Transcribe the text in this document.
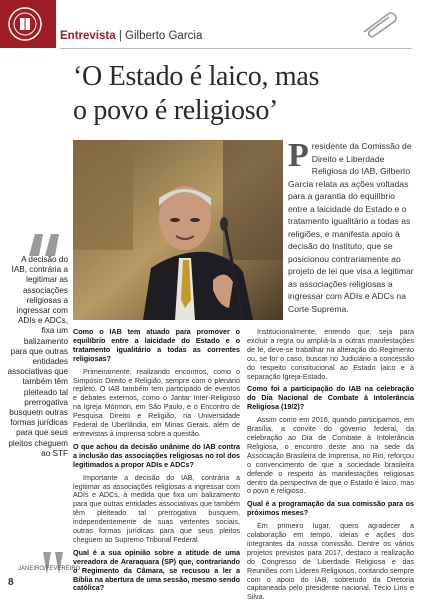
Entrevista | Gilberto Garcia
‘O Estado é laico, mas
o povo é religioso’
Presidente da Comissão de Direito e Liberdade Religiosa do IAB, Gilberto Garcia relata as ações voltadas para a garantia do equilíbrio entre a laicidade do Estado e o tratamento igualitário a todas as religiões, e manifesta apoio à decisão do Instituto, que se posicionou contrariamente ao projeto de lei que visa a legitimar as associações religiosas a ingressar com ADIs e ADCs na Corte Suprema.
A decisão do IAB, contrária a legitimar as associações religiosas a ingressar com ADIs e ADCs, fixa um balizamento para que outras entidades associativas que também têm pleiteado tal prerrogativa busquem outras formas jurídicas para que seus pleitos cheguem ao STF

Como o IAB tem atuado para promover o equilíbrio entre a laicidade do Estado e o tratamento igualitário a todas as correntes religiosas?

Primeiramente, realizando encontros, como o Simpósio Direito e Religião, sempre com o plenário repleto. O IAB também tem participado de eventos e debates externos, como o Jantar Inter-Religioso na Igreja Mórmon, em São Paulo, e o Encontro de Pesquisa Direito e Religião, na Universidade Federal de Uberlândia, em Minas Gerais, além de entrevistas à imprensa sobre a questão.

O que achou da decisão unânime do IAB contra a inclusão das associações religiosas no rol dos legitimados a propor ADIs e ADCs?

Importante a decisão do IAB, contrária a legitimar as associações religiosas a ingressar com ADIs e ADCs, à medida que fixa um balizamento para que outras entidades associativas que também têm pleiteado tal prerrogativa busquem, independentemente de suas vertentes sociais, outras formas jurídicas para que seus pleitos cheguem ao Supremo Tribunal Federal.

Qual é a sua opinião sobre a atitude de uma vereadora de Araraquara (SP) que, contrariando o Regimento da Câmara, se recusou a ler a Bíblia na abertura de uma sessão, mesmo sendo católica?

Institucionalmente, entendo que, seja para excluir a regra ou ampliá-la a outras manifestações de fé, deve-se trabalhar na alteração do Regimento ou, se for o caso, buscar no Judiciário a concessão do respeito constitucional ao Estado laico e à separação Igreja-Estado.

Como foi a participação do IAB na celebração do Dia Nacional de Combate à Intolerância Religiosa (19/2)?

Assim como em 2016, quando participamos, em Brasília, a convite do governo federal, da celebração ao Dia de Combate à Intolerância Religiosa, o encontro deste ano na sede da Associação Brasileira de Imprensa, no Rio, reforçou o convencimento de que a sociedade brasileira defende o respeito às manifestações religiosas dentro da perspectiva de que o Estado é laico, mas o povo é religioso.

Qual é a programação da sua comissão para os próximos meses?

Em primeiro lugar, quero agradecer a colaboração em tempo, ideias e ações dos integrantes da nossa comissão. Dentre os vários projetos previstos para 2017, destaco a realização do Congresso de Liberdade Religiosa e das Reuniões com Líderes Religiosos, contando sempre com o apoio do IAB, sobretudo da Diretoria capitaneada pelo presidente nacional, Técio Lins e Silva.

JANEIRO/FEVEREIRO
8
